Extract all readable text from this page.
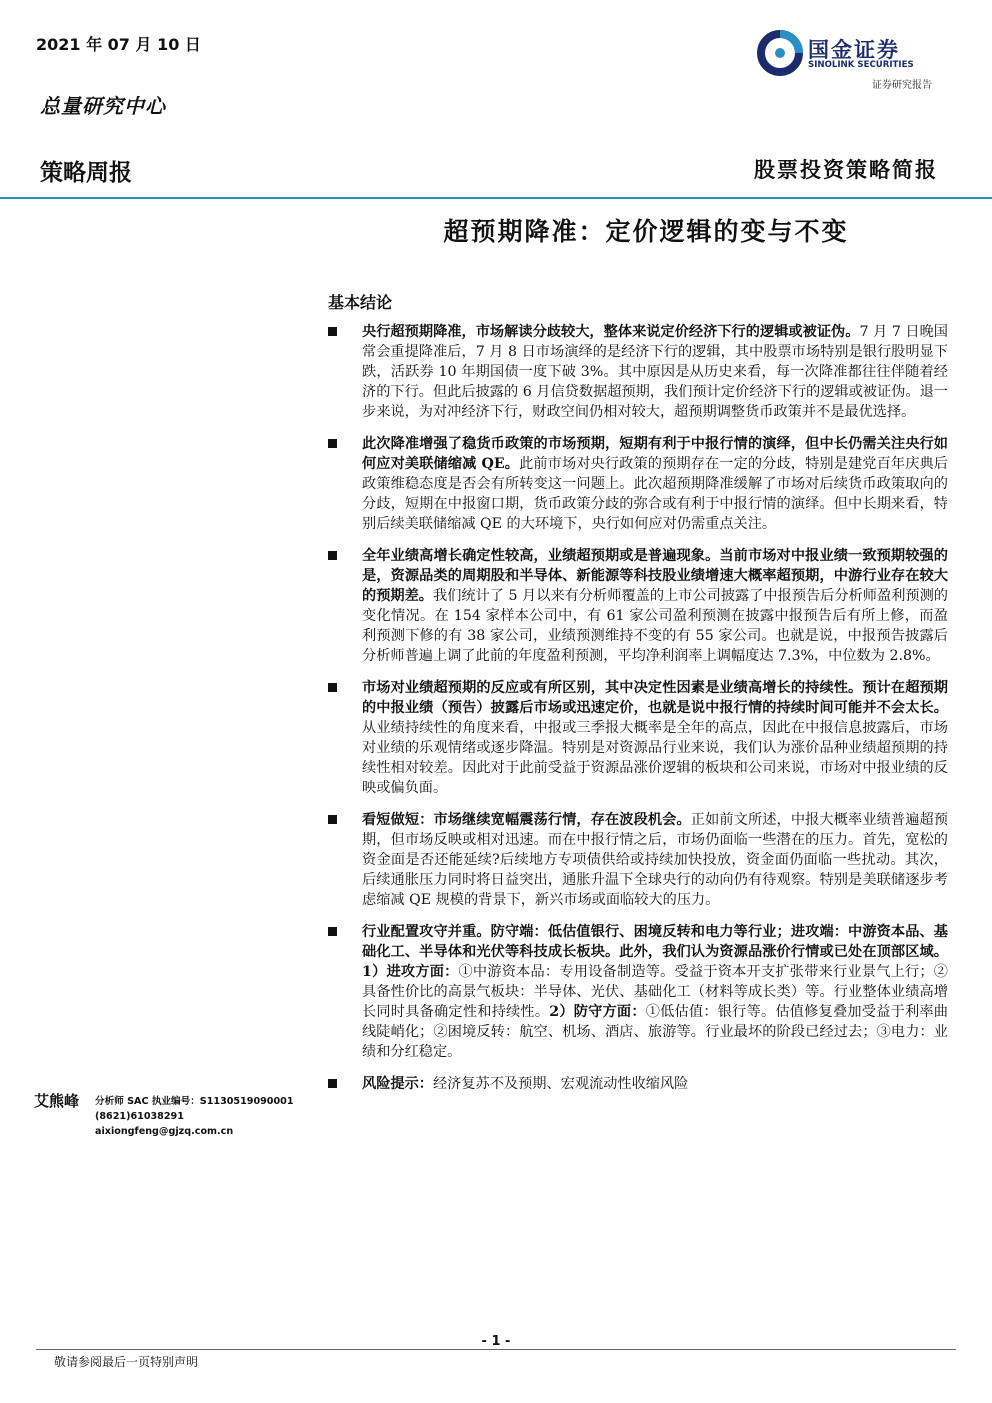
2021 年 07 月 10 日
总量研究中心
国金证券
SINOLINK SECURITIES
证券研究报告
策略周报	股票投资策略简报
超预期降准：定价逻辑的变与不变
基本结论
央行超预期降准，市场解读分歧较大，整体来说定价经济下行的逻辑或被证伪。7 月 7 日晚国常会重提降准后，7 月 8 日市场演绎的是经济下行的逻辑，其中股票市场特别是银行股明显下跌，活跃券 10 年期国债一度下破 3%。其中原因是从历史来看，每一次降准都往往伴随着经济的下行。但此后披露的 6 月信贷数据超预期，我们预计定价经济下行的逻辑或被证伪。退一步来说，为对冲经济下行，财政空间仍相对较大，超预期调整货币政策并不是最优选择。
此次降准增强了稳货币政策的市场预期，短期有利于中报行情的演绎，但中长仍需关注央行如何应对美联储缩减 QE。此前市场对央行政策的预期存在一定的分歧，特别是建党百年庆典后政策维稳态度是否会有所转变这一问题上。此次超预期降准缓解了市场对后续货币政策取向的分歧，短期在中报窗口期，货币政策分歧的弥合或有利于中报行情的演绎。但中长期来看，特别后续美联储缩减 QE 的大环境下，央行如何应对仍需重点关注。
全年业绩高增长确定性较高，业绩超预期或是普遍现象。当前市场对中报业绩一致预期较强的是，资源品类的周期股和半导体、新能源等科技股业绩增速大概率超预期，中游行业存在较大的预期差。我们统计了 5 月以来有分析师覆盖的上市公司披露了中报预告后分析师盈利预测的变化情况。在 154 家样本公司中，有 61 家公司盈利预测在披露中报预告后有所上修，而盈利预测下修的有 38 家公司，业绩预测维持不变的有 55 家公司。也就是说，中报预告披露后分析师普遍上调了此前的年度盈利预测，平均净利润率上调幅度达 7.3%，中位数为 2.8%。
市场对业绩超预期的反应或有所区别，其中决定性因素是业绩高增长的持续性。预计在超预期的中报业绩（预告）披露后市场或迅速定价，也就是说中报行情的持续时间可能并不会太长。从业绩持续性的角度来看，中报或三季报大概率是全年的高点，因此在中报信息披露后，市场对业绩的乐观情绪或逐步降温。特别是对资源品行业来说，我们认为涨价品种业绩超预期的持续性相对较差。因此对于此前受益于资源品涨价逻辑的板块和公司来说，市场对中报业绩的反映或偏负面。
看短做短：市场继续宽幅震荡行情，存在波段机会。正如前文所述，中报大概率业绩普遍超预期，但市场反映或相对迅速。而在中报行情之后，市场仍面临一些潜在的压力。首先，宽松的资金面是否还能延续?后续地方专项债供给或持续加快投放，资金面仍面临一些扰动。其次，后续通胀压力同时将日益突出，通胀升温下全球央行的动向仍有待观察。特别是美联储逐步考虑缩减 QE 规模的背景下，新兴市场或面临较大的压力。
行业配置攻守并重。防守端：低估值银行、困境反转和电力等行业；进攻端：中游资本品、基础化工、半导体和光伏等科技成长板块。此外，我们认为资源品涨价行情或已处在顶部区域。1）进攻方面：①中游资本品：专用设备制造等。受益于资本开支扩张带来行业景气上行；②具备性价比的高景气板块：半导体、光伏、基础化工（材料等成长类）等。行业整体业绩高增长同时具备确定性和持续性。2）防守方面：①低估值：银行等。估值修复叠加受益于利率曲线陡峭化；②困境反转：航空、机场、酒店、旅游等。行业最坏的阶段已经过去；③电力：业绩和分红稳定。
风险提示：经济复苏不及预期、宏观流动性收缩风险
艾熊峰 分析师 SAC 执业编号：S1130519090001
(8621)61038291
aixiongfeng@gjzq.com.cn
- 1 -
敬请参阅最后一页特别声明
